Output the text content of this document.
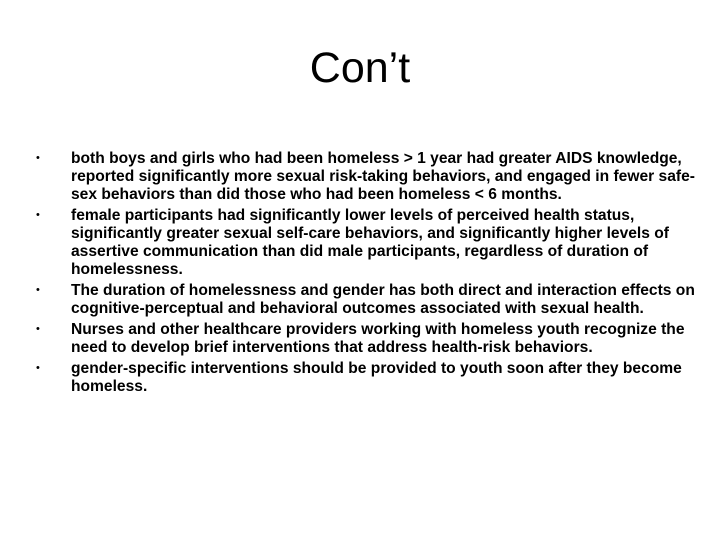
Con’t
• both boys and girls who had been homeless > 1 year had greater AIDS knowledge, reported significantly more sexual risk-taking behaviors, and engaged in fewer safe-sex behaviors than did those who had been homeless < 6 months.
• female participants had significantly lower levels of perceived health status, significantly greater sexual self-care behaviors, and significantly higher levels of assertive communication than did male participants, regardless of duration of homelessness.
• The duration of homelessness and gender has both direct and interaction effects on cognitive-perceptual and behavioral outcomes associated with sexual health.
• Nurses and other healthcare providers working with homeless youth recognize the need to develop brief interventions that address health-risk behaviors.
• gender-specific interventions should be provided to youth soon after they become homeless.
